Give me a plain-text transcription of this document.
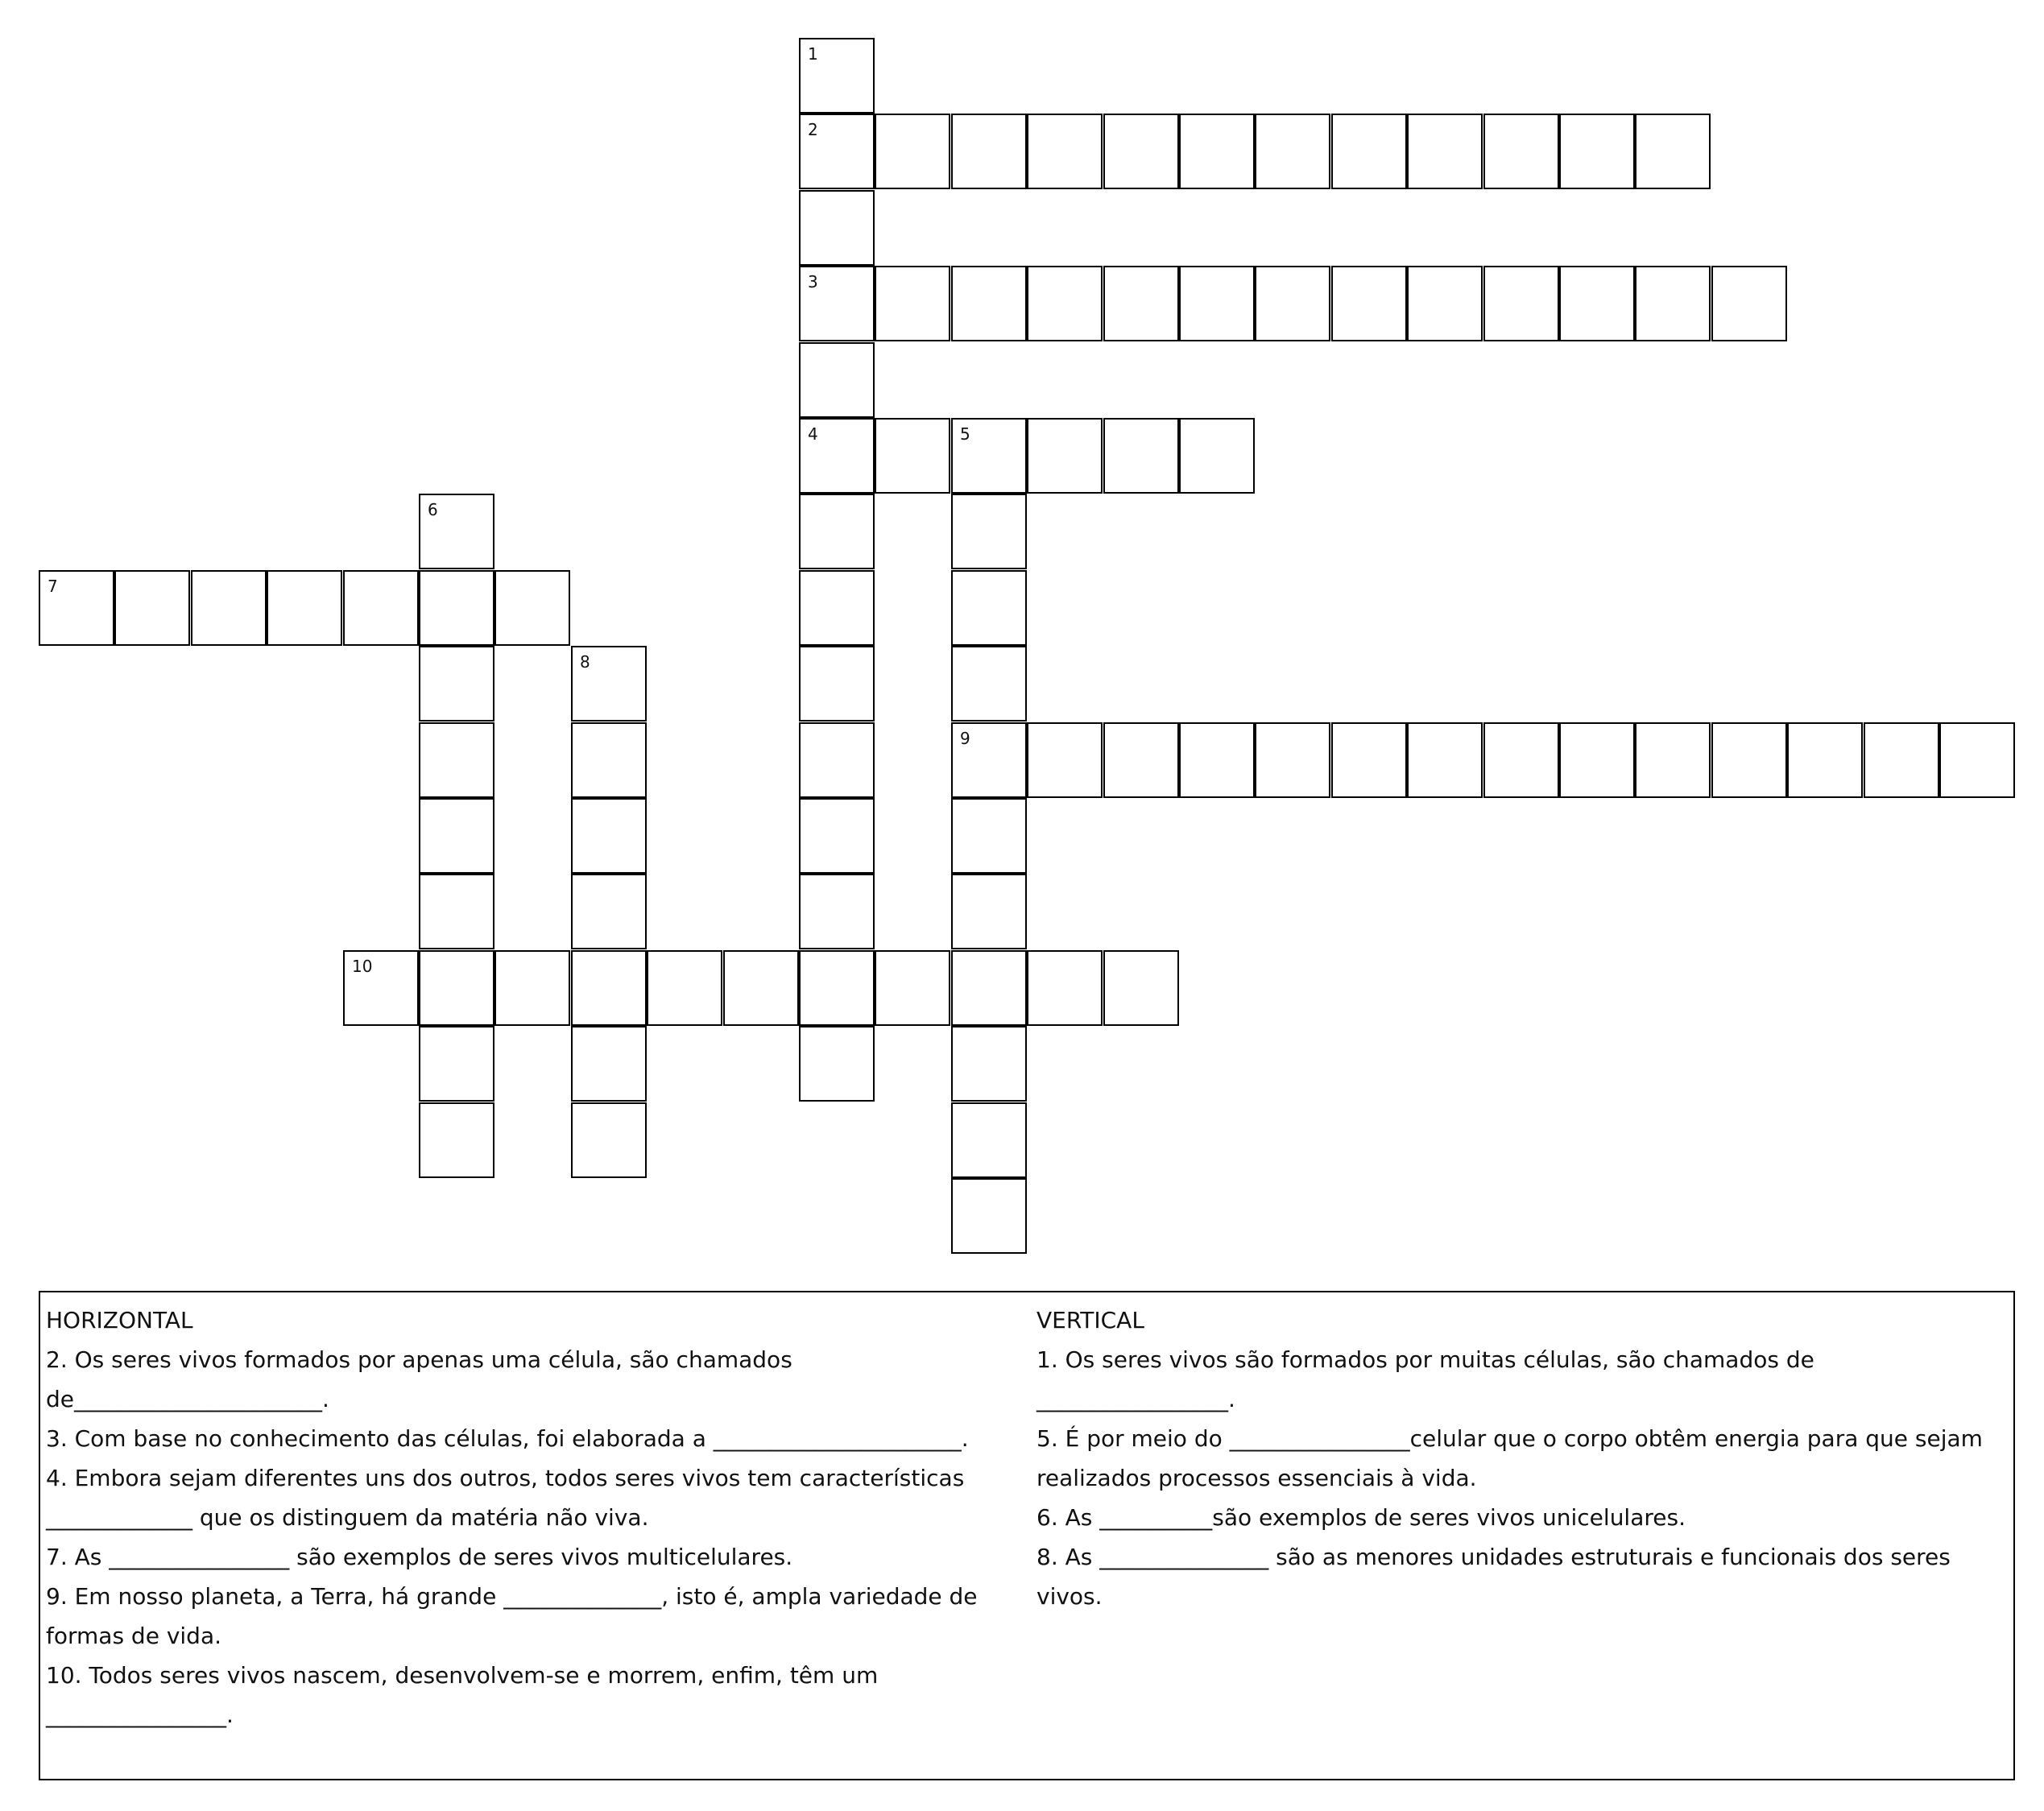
1
2
3
4	5
6
7
8
9
10
HORIZONTAL
2. Os seres vivos formados por apenas uma célula, são chamados
de______________________.
3. Com base no conhecimento das células, foi elaborada a ______________________.
4. Embora sejam diferentes uns dos outros, todos seres vivos tem características
_____________ que os distinguem da matéria não viva.
7. As ________________ são exemplos de seres vivos multicelulares.
9. Em nosso planeta, a Terra, há grande ______________, isto é, ampla variedade de
formas de vida.
10. Todos seres vivos nascem, desenvolvem-se e morrem, enfim, têm um
________________.
VERTICAL
1. Os seres vivos são formados por muitas células, são chamados de
_________________.
5. É por meio do ________________celular que o corpo obtêm energia para que sejam
realizados processos essenciais à vida.
6. As __________são exemplos de seres vivos unicelulares.
8. As _______________ são as menores unidades estruturais e funcionais dos seres
vivos.
